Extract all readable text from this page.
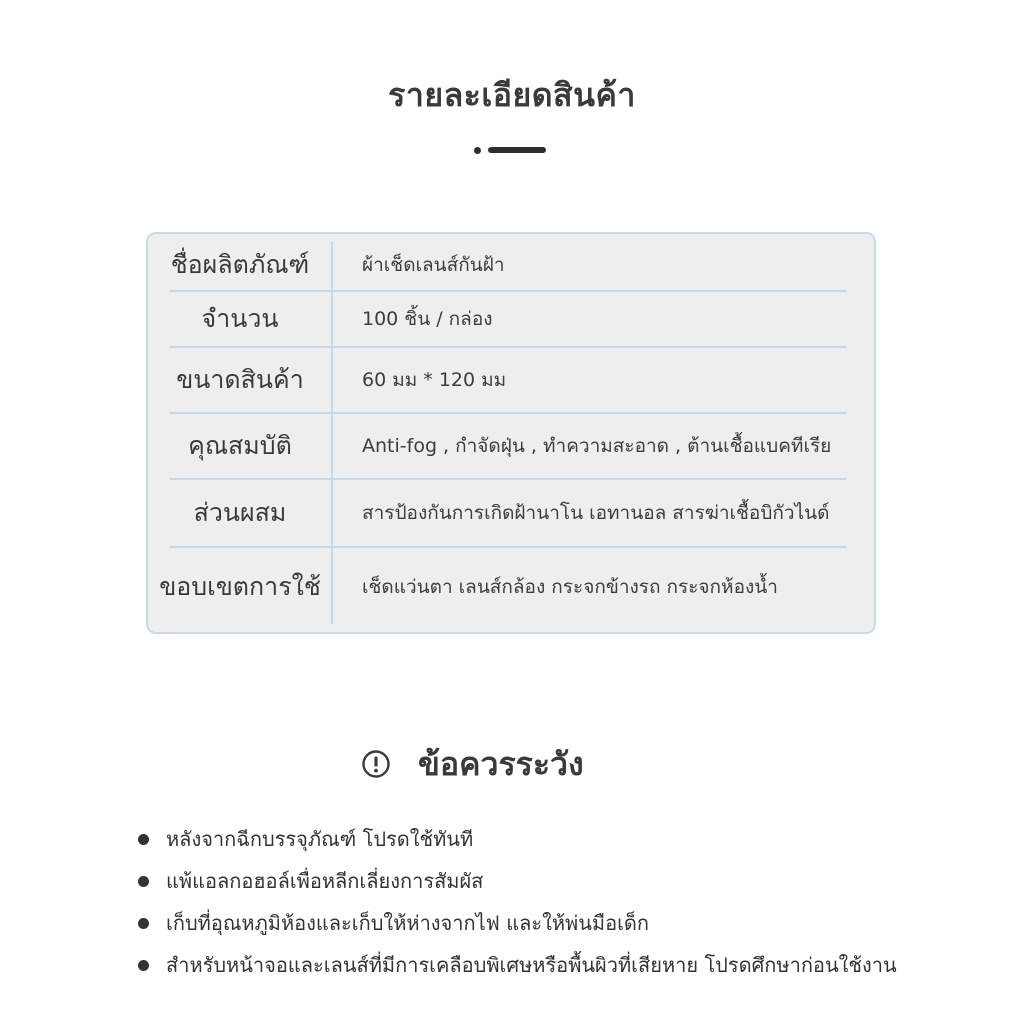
รายละเอียดสินค้า
ชื่อผลิตภัณฑ์	ผ้าเช็ดเลนส์กันฝ้า
จำนวน	100 ชิ้น / กล่อง
ขนาดสินค้า	60 มม * 120 มม
คุณสมบัติ	Anti-fog , กำจัดฝุ่น , ทำความสะอาด , ต้านเชื้อแบคทีเรีย
ส่วนผสม	สารป้องกันการเกิดฝ้านาโน เอทานอล สารฆ่าเชื้อบิกัวไนด์
ขอบเขตการใช้	เช็ดแว่นตา เลนส์กล้อง กระจกข้างรถ กระจกห้องน้ำ
ข้อควรระวัง
หลังจากฉีกบรรจุภัณฑ์ โปรดใช้ทันที
แพ้แอลกอฮอล์เพื่อหลีกเลี่ยงการสัมผัส
เก็บที่อุณหภูมิห้องและเก็บให้ห่างจากไฟ และให้พ่นมือเด็ก
สำหรับหน้าจอและเลนส์ที่มีการเคลือบพิเศษหรือพื้นผิวที่เสียหาย โปรดศึกษาก่อนใช้งาน
